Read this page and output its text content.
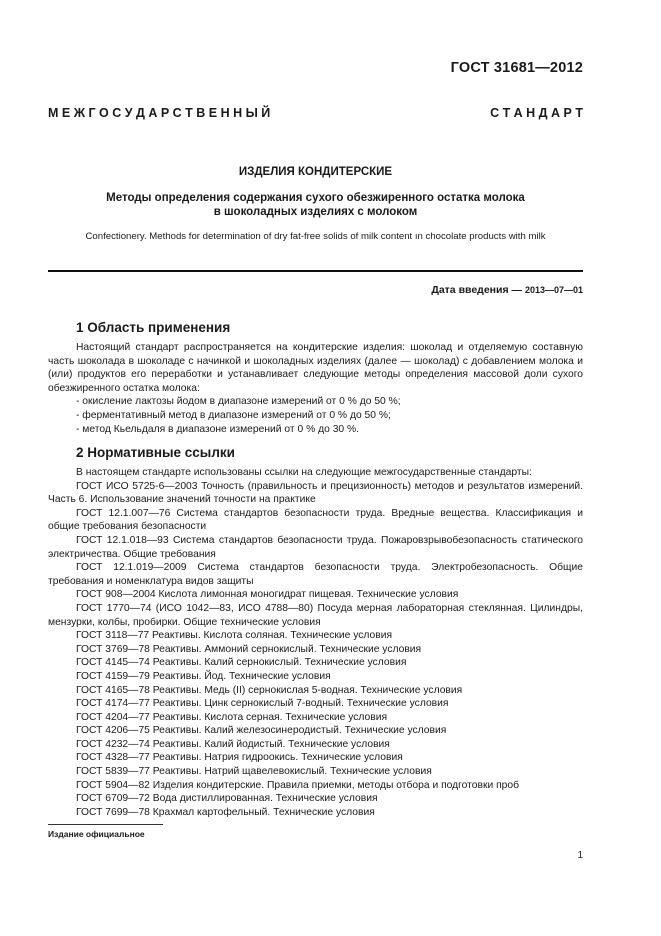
ГОСТ 31681—2012
М Е Ж Г О С У Д А Р С Т В Е Н Н Ы Й	С Т А Н Д А Р Т
ИЗДЕЛИЯ КОНДИТЕРСКИЕ
Методы определения содержания сухого обезжиренного остатка молока
в шоколадных изделиях с молоком
Confectionery. Methods for determination of dry fat-free solids of milk content ın chocolate products with milk
Дата введения — 2013—07—01
1 Область применения
Настоящий стандарт распространяется на кондитерские изделия: шоколад и отделяемую составную часть шоколада в шоколаде с начинкой и шоколадных изделиях (далее — шоколад) с добавлением молока и (или) продуктов его переработки и устанавливает следующие методы определения массовой доли сухого обезжиренного остатка молока:
- окисление лактозы йодом в диапазоне измерений от 0 % до 50 %;
- ферментативный метод в диапазоне измерений от 0 % до 50 %;
- метод Кьельдаля в диапазоне измерений от 0 % до 30 %.
2 Нормативные ссылки
В настоящем стандарте использованы ссылки на следующие межгосударственные стандарты:
ГОСТ ИСО 5725-6—2003 Точность (правильность и прецизионность) методов и результатов измерений. Часть 6. Использование значений точности на практике
ГОСТ 12.1.007—76 Система стандартов безопасности труда. Вредные вещества. Классификация и общие требования безопасности
ГОСТ 12.1.018—93 Система стандартов безопасности труда. Пожаровзрывобезопасность статического электричества. Общие требования
ГОСТ 12.1.019—2009 Система стандартов безопасности труда. Электробезопасность. Общие требования и номенклатура видов защиты
ГОСТ 908—2004 Кислота лимонная моногидрат пищевая. Технические условия
ГОСТ 1770—74 (ИСО 1042—83, ИСО 4788—80) Посуда мерная лабораторная стеклянная. Цилиндры, мензурки, колбы, пробирки. Общие технические условия
ГОСТ 3118—77 Реактивы. Кислота соляная. Технические условия
ГОСТ 3769—78 Реактивы. Аммоний сернокислый. Технические условия
ГОСТ 4145—74 Реактивы. Калий сернокислый. Технические условия
ГОСТ 4159—79 Реактивы. Йод. Технические условия
ГОСТ 4165—78 Реактивы. Медь (II) сернокислая 5-водная. Технические условия
ГОСТ 4174—77 Реактивы. Цинк сернокислый 7-водный. Технические условия
ГОСТ 4204—77 Реактивы. Кислота серная. Технические условия
ГОСТ 4206—75 Реактивы. Калий железосинеродистый. Технические условия
ГОСТ 4232—74 Реактивы. Калий йодистый. Технические условия
ГОСТ 4328—77 Реактивы. Натрия гидроокись. Технические условия
ГОСТ 5839—77 Реактивы. Натрий щавелевокислый. Технические условия
ГОСТ 5904—82 Изделия кондитерские. Правила приемки, методы отбора и подготовки проб
ГОСТ 6709—72 Вода дистиллированная. Технические условия
ГОСТ 7699—78 Крахмал картофельный. Технические условия
Издание официальное
1
